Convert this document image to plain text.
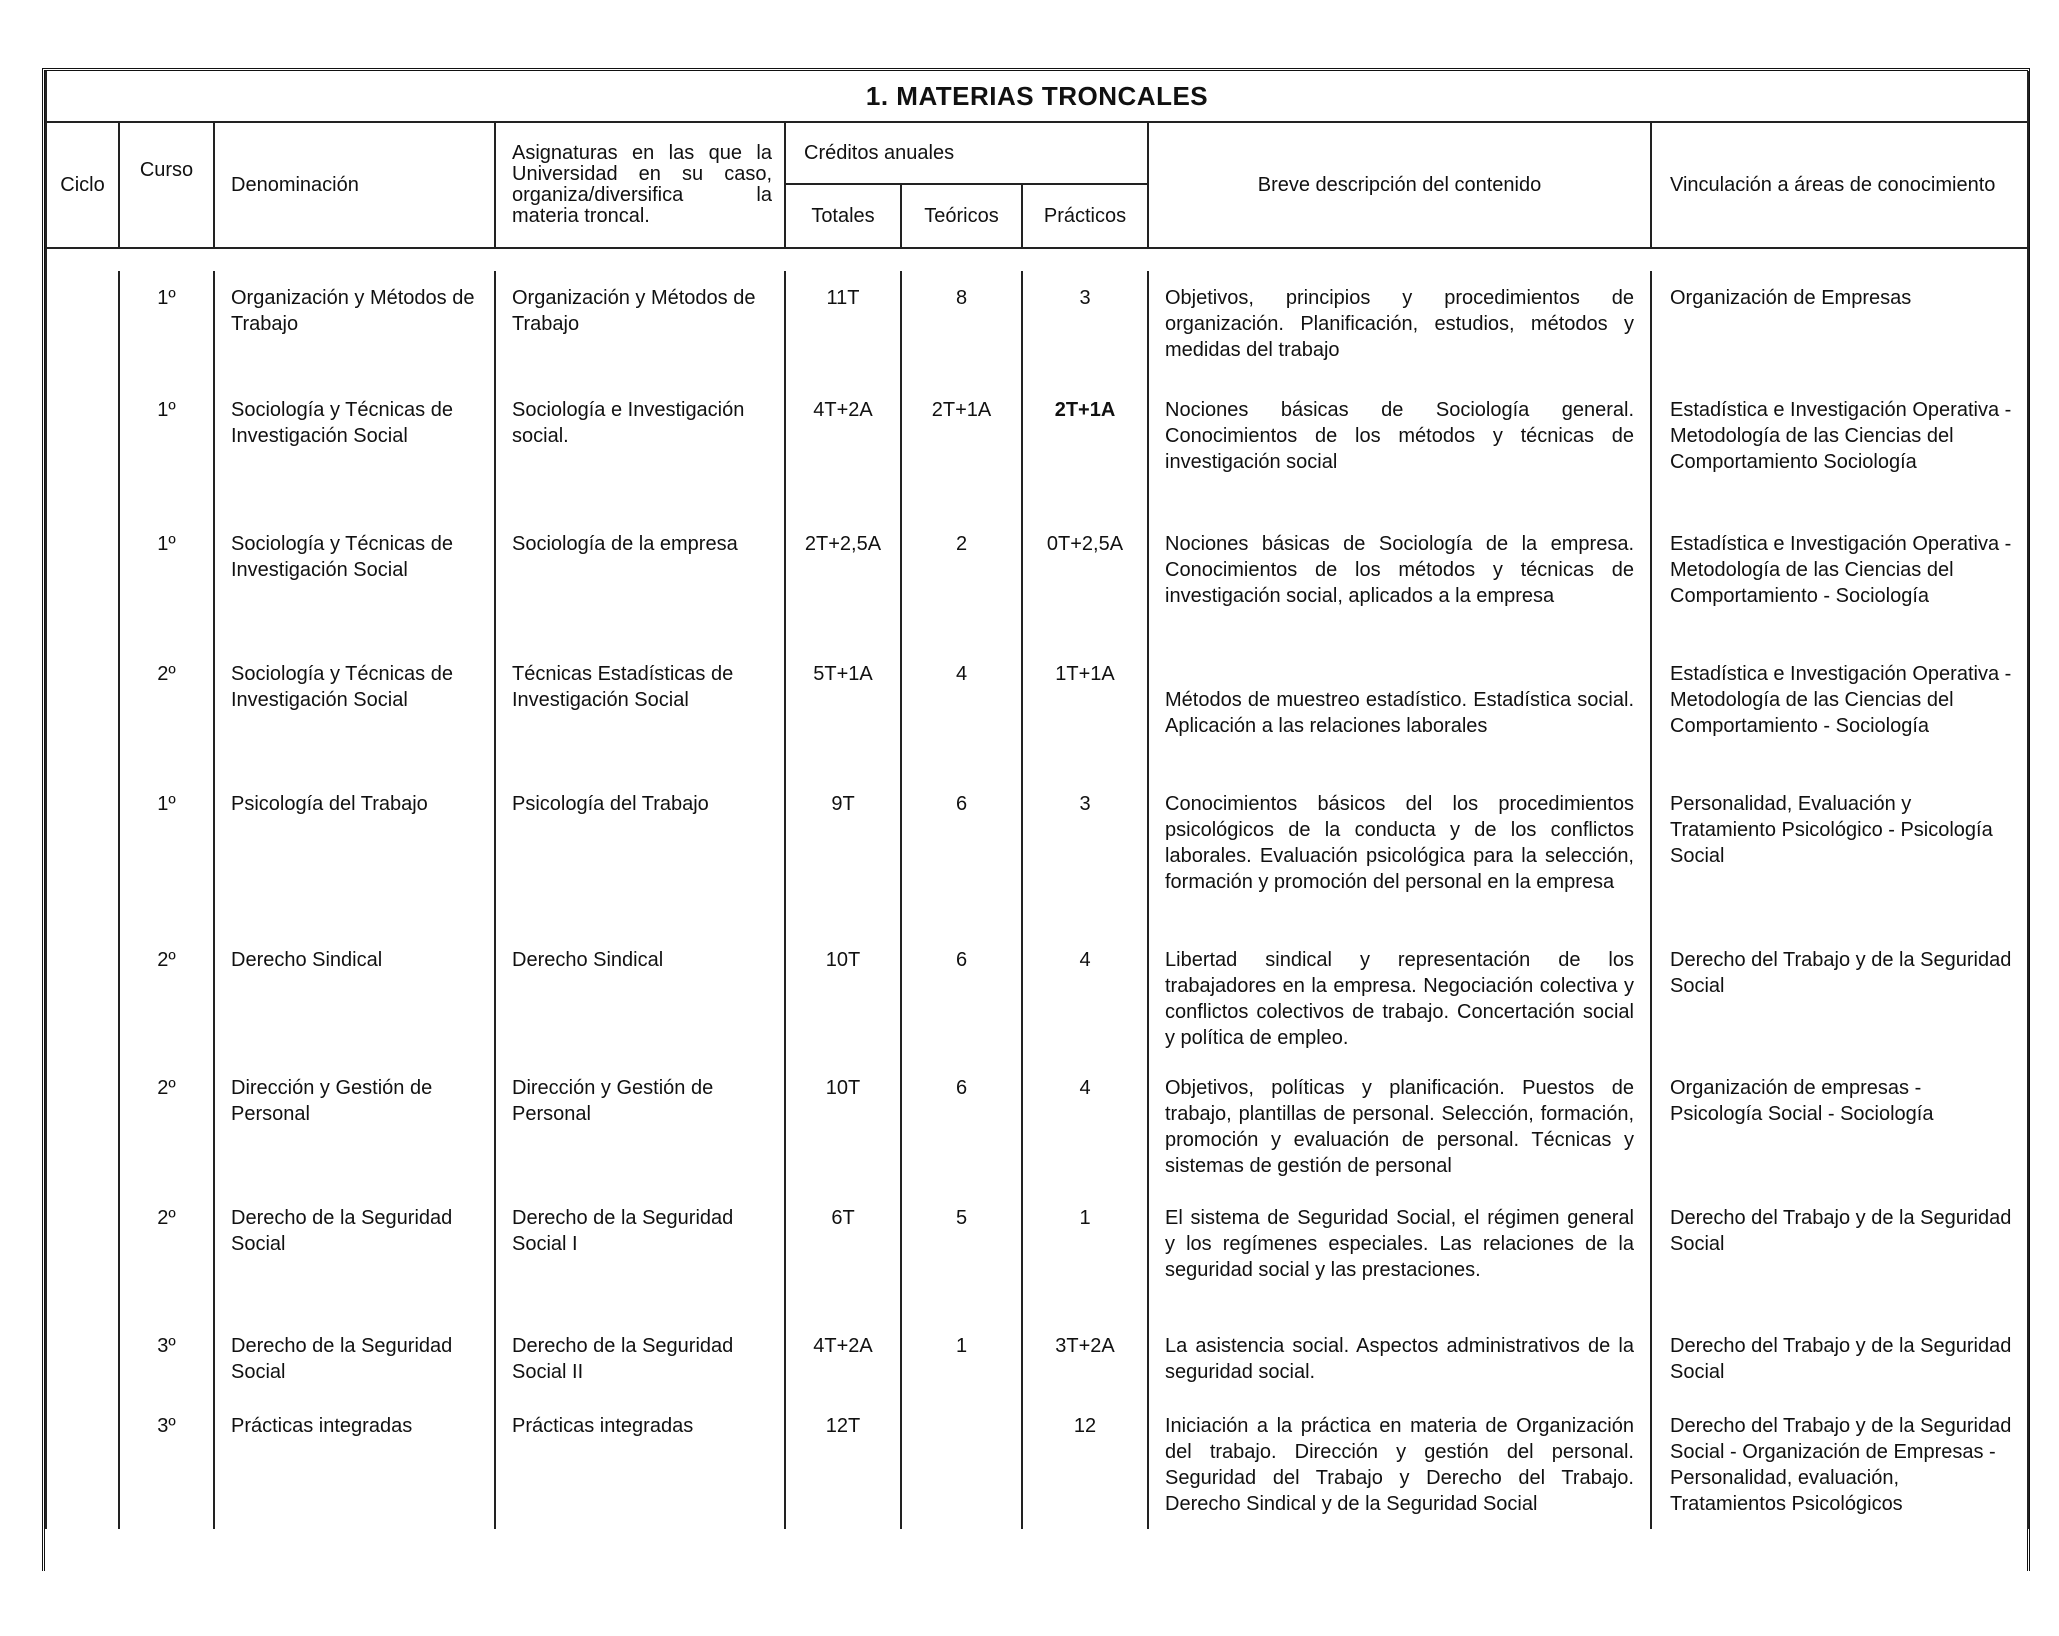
1. MATERIAS TRONCALES								
Ciclo	Curso	Denominación	Asignaturas en las que la Universidad en su caso, organiza/diversifica la materia troncal.	Créditos anuales			Breve descripción del contenido	Vinculación a áreas de conocimiento
				Totales	Teóricos	Prácticos		

	1º	Organización y Métodos de Trabajo	Organización y Métodos de Trabajo	11T	8	3	Objetivos, principios y procedimientos de organización. Planificación, estudios, métodos y medidas del trabajo	Organización de Empresas
	1º	Sociología y Técnicas de Investigación Social	Sociología e Investigación social.	4T+2A	2T+1A	2T+1A	Nociones básicas de Sociología general. Conocimientos de los métodos y técnicas de investigación social	Estadística e Investigación Operativa - Metodología de las Ciencias del Comportamiento Sociología
	1º	Sociología y Técnicas de Investigación Social	Sociología de la empresa	2T+2,5A	2	0T+2,5A	Nociones básicas de Sociología de la empresa. Conocimientos de los métodos y técnicas de investigación social, aplicados a la empresa	Estadística e Investigación Operativa - Metodología de las Ciencias del Comportamiento - Sociología
	2º	Sociología y Técnicas de Investigación Social	Técnicas Estadísticas de Investigación Social	5T+1A	4	1T+1A	Métodos de muestreo estadístico. Estadística social. Aplicación a las relaciones laborales	Estadística e Investigación Operativa - Metodología de las Ciencias del Comportamiento - Sociología
	1º	Psicología del Trabajo	Psicología del Trabajo	9T	6	3	Conocimientos básicos del los procedimientos psicológicos de la conducta y de los conflictos laborales. Evaluación psicológica para la selección, formación y promoción del personal en la empresa	Personalidad, Evaluación y Tratamiento Psicológico - Psicología Social
	2º	Derecho Sindical	Derecho Sindical	10T	6	4	Libertad sindical y representación de los trabajadores en la empresa. Negociación colectiva y conflictos colectivos de trabajo. Concertación social y política de empleo.	Derecho del Trabajo y de la Seguridad Social
	2º	Dirección y Gestión de Personal	Dirección y Gestión de Personal	10T	6	4	Objetivos, políticas y planificación. Puestos de trabajo, plantillas de personal. Selección, formación, promoción y evaluación de personal. Técnicas y sistemas de gestión de personal	Organización de empresas - Psicología Social - Sociología
	2º	Derecho de la Seguridad Social	Derecho de la Seguridad Social I	6T	5	1	El sistema de Seguridad Social, el régimen general y los regímenes especiales. Las relaciones de la seguridad social y las prestaciones.	Derecho del Trabajo y de la Seguridad Social
	3º	Derecho de la Seguridad Social	Derecho de la Seguridad Social II	4T+2A	1	3T+2A	La asistencia social. Aspectos administrativos de la seguridad social.	Derecho del Trabajo y de la Seguridad Social
	3º	Prácticas integradas	Prácticas integradas	12T		12	Iniciación a la práctica en materia de Organización del trabajo. Dirección y gestión del personal. Seguridad del Trabajo y Derecho del Trabajo. Derecho Sindical y de la Seguridad Social	Derecho del Trabajo y de la Seguridad Social - Organización de Empresas - Personalidad, evaluación, Tratamientos Psicológicos
